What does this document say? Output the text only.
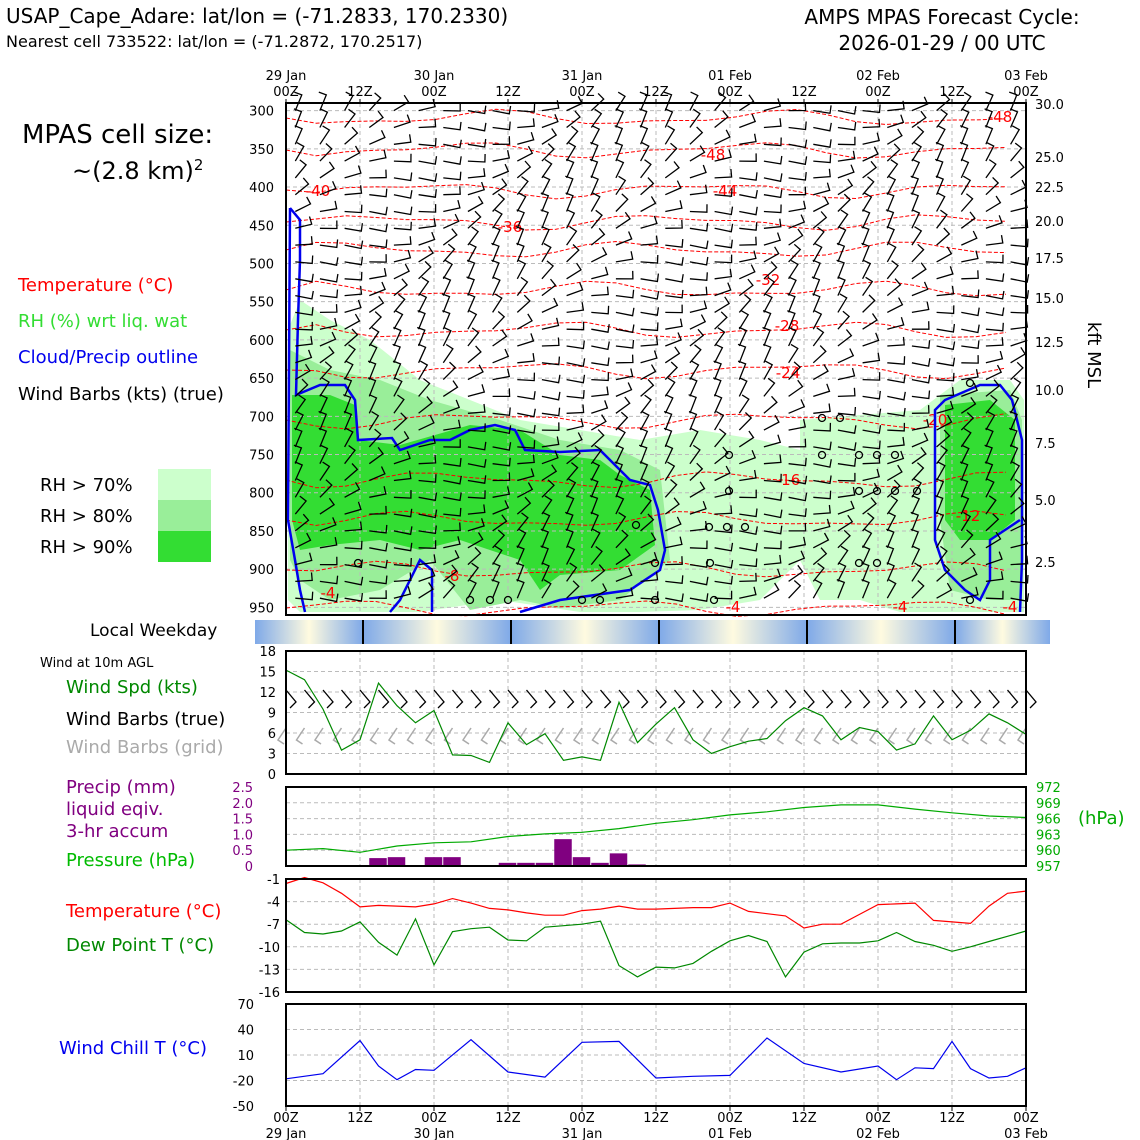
USAP_Cape_Adare: lat/lon = (-71.2833, 170.2330)
Nearest cell 733522: lat/lon = (-71.2872, 170.2517)
AMPS MPAS Forecast Cycle:
2026-01-29 / 00 UTC
MPAS cell size:
~(2.8 km)$^2$
Temperature (°C)
RH (%) wrt liq. wat
Cloud/Precip outline
Wind Barbs (kts) (true)
RH > 70%
RH > 80%
RH > 90%
Local Weekday
Wind at 10m AGL
Wind Spd (kts)
Wind Barbs (true)
Wind Barbs (grid)
Precip (mm)
liquid eqiv.
3-hr accum
Pressure (hPa)
Temperature (°C)
Dew Point T (°C)
Wind Chill T (°C)
(hPa)
300
350
400
450
500
550
600
650
700
750
800
850
900
950
-48
-48
-44
-40
-36
-32
-28
-24
-20
-16
-12
-8
-4
-4	-4	-4
00Z	12Z	00Z	12Z	00Z	12Z	00Z	12Z	00Z	12Z	00Z
29 Jan	30 Jan	31 Jan	01 Feb	02 Feb	03 Feb
30.0
25.0
22.5
20.0
17.5
15.0
12.5
10.0
7.5
5.0
2.5
0
3
6
9
12
15
18
0
0.5
1.0
1.5
2.0
2.5
957
960
963
966
969
972
-1
-4
-7
-10
-13
-16
70
40
10
-20
-50
00Z	12Z	00Z	12Z	00Z	12Z	00Z	12Z	00Z	12Z	00Z
29 Jan	30 Jan	31 Jan	01 Feb	02 Feb	03 Feb
kft MSL
